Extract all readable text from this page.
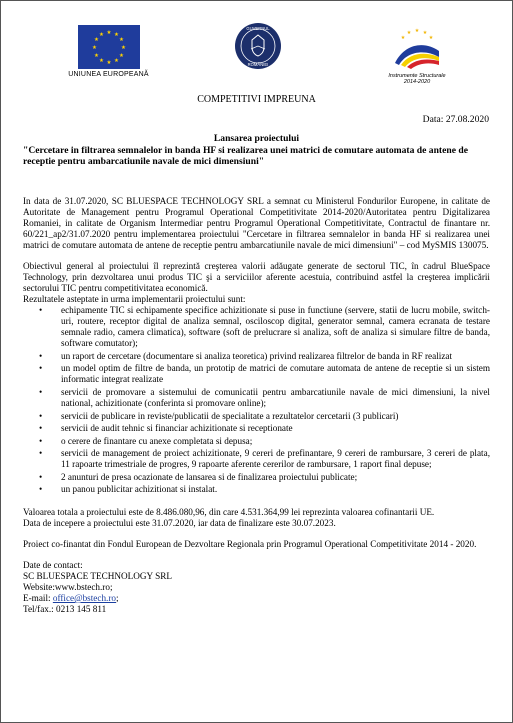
★ ★
★
★
★
★
★
★
★
★
★
★
UNIUNEA EUROPEANĂ
GUVERNUL
ROMÂNIEI
★ ★
★
★
★
Instrumente Structurale
2014-2020
COMPETITIVI IMPREUNA
Data: 27.08.2020
Lansarea proiectului
"Cercetare in filtrarea semnalelor in banda HF si realizarea unei matrici de comutare automata de antene de receptie pentru ambarcatiunile navale de mici dimensiuni"

In data de 31.07.2020, SC BLUESPACE TECHNOLOGY SRL a semnat cu Ministerul Fondurilor Europene, in calitate de Autoritate de Management pentru Programul Operational Competitivitate 2014-2020/Autoritatea pentru Digitalizarea Romaniei, in calitate de Organism Intermediar pentru Programul Operational Competitivitate, Contractul de finantare nr. 60/221_ap2/31.07.2020 pentru implementarea proiectului "Cercetare in filtrarea semnalelor in banda HF si realizarea unei matrici de comutare automata de antene de receptie pentru ambarcatiunile navale de mici dimensiuni" – cod MySMIS 130075.

Obiectivul general al proiectului îl reprezintă creşterea valorii adăugate generate de sectorul TIC, în cadrul BlueSpace Technology, prin dezvoltarea unui produs TIC şi a serviciilor aferente acestuia, contribuind astfel la creşterea implicării sectorului TIC pentru competitivitatea economică.

Rezultatele asteptate in urma implementarii proiectului sunt:

• echipamente TIC si echipamente specifice achizitionate si puse in functiune (servere, statii de lucru mobile, switch-uri, routere, receptor digital de analiza semnal, osciloscop digital, generator semnal, camera ecranata de testare semnale radio, camera climatica), software (soft de prelucrare si analiza, soft de analiza si simulare filtre de banda, software comutator);
• un raport de cercetare (documentare si analiza teoretica) privind realizarea filtrelor de banda in RF realizat
• un model optim de filtre de banda, un prototip de matrici de comutare automata de antene de receptie si un sistem informatic integrat realizate
• servicii de promovare a sistemului de comunicatii pentru ambarcatiunile navale de mici dimensiuni, la nivel national, achizitionate (conferinta si promovare online);
• servicii de publicare in reviste/publicatii de specialitate a rezultatelor cercetarii (3 publicari)
• servicii de audit tehnic si financiar achizitionate si receptionate
• o cerere de finantare cu anexe completata si depusa;
• servicii de management de proiect achizitionate, 9 cereri de prefinantare, 9 cereri de rambursare, 3 cereri de plata, 11 rapoarte trimestriale de progres, 9 rapoarte aferente cererilor de rambursare, 1 raport final depuse;
• 2 anunturi de presa ocazionate de lansarea si de finalizarea proiectului publicate;
• un panou publicitar achizitionat si instalat.

Valoarea totala a proiectului este de 8.486.080,96, din care 4.531.364,99 lei reprezinta valoarea cofinantarii UE.

Data de incepere a proiectului este 31.07.2020, iar data de finalizare este 30.07.2023.

Proiect co-finantat din Fondul European de Dezvoltare Regionala prin Programul Operational Competitivitate 2014 - 2020.

Date de contact:

SC BLUESPACE TECHNOLOGY SRL

Website:www.bstech.ro;

E-mail: office@bstech.ro;

Tel/fax.: 0213 145 811
